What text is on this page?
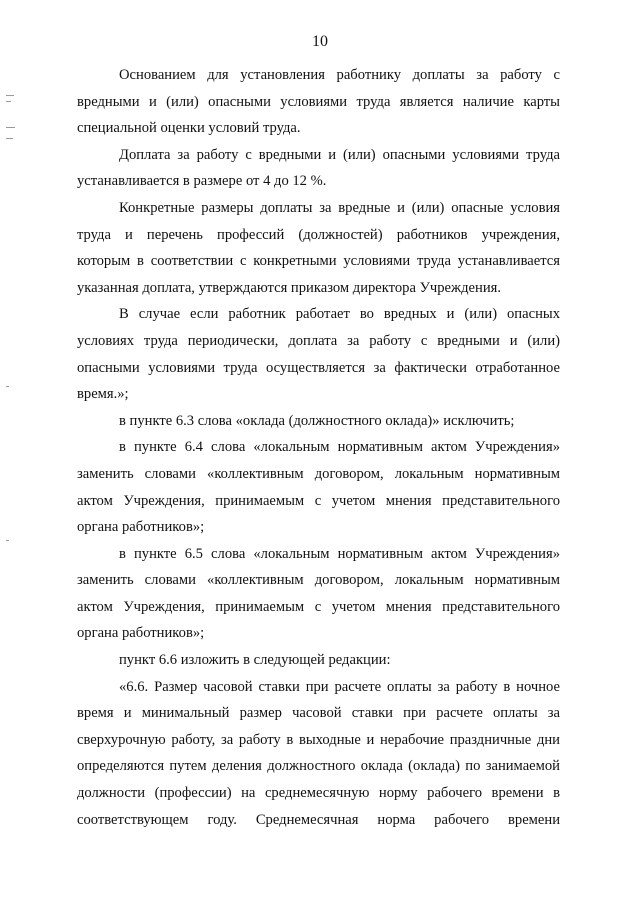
10

Основанием для установления работнику доплаты за работу с
вредными и (или) опасными условиями труда является наличие карты
специальной оценки условий труда.

Доплата за работу с вредными и (или) опасными условиями труда
устанавливается в размере от 4 до 12 %.

Конкретные размеры доплаты за вредные и (или) опасные условия
труда и перечень профессий (должностей) работников учреждения,
которым в соответствии с конкретными условиями труда устанавливается
указанная доплата, утверждаются приказом директора Учреждения.

В случае если работник работает во вредных и (или) опасных
условиях труда периодически, доплата за работу с вредными и (или)
опасными условиями труда осуществляется за фактически отработанное
время.»;

в пункте 6.3 слова «оклада (должностного оклада)» исключить;

в пункте 6.4 слова «локальным нормативным актом Учреждения»
заменить словами «коллективным договором, локальным нормативным
актом Учреждения, принимаемым с учетом мнения представительного
органа работников»;

в пункте 6.5 слова «локальным нормативным актом Учреждения»
заменить словами «коллективным договором, локальным нормативным
актом Учреждения, принимаемым с учетом мнения представительного
органа работников»;

пункт 6.6 изложить в следующей редакции:

«6.6. Размер часовой ставки при расчете оплаты за работу в ночное
время и минимальный размер часовой ставки при расчете оплаты за
сверхурочную работу, за работу в выходные и нерабочие праздничные дни
определяются путем деления должностного оклада (оклада) по занимаемой
должности (профессии) на среднемесячную норму рабочего времени в
соответствующем году. Среднемесячная норма рабочего времени
